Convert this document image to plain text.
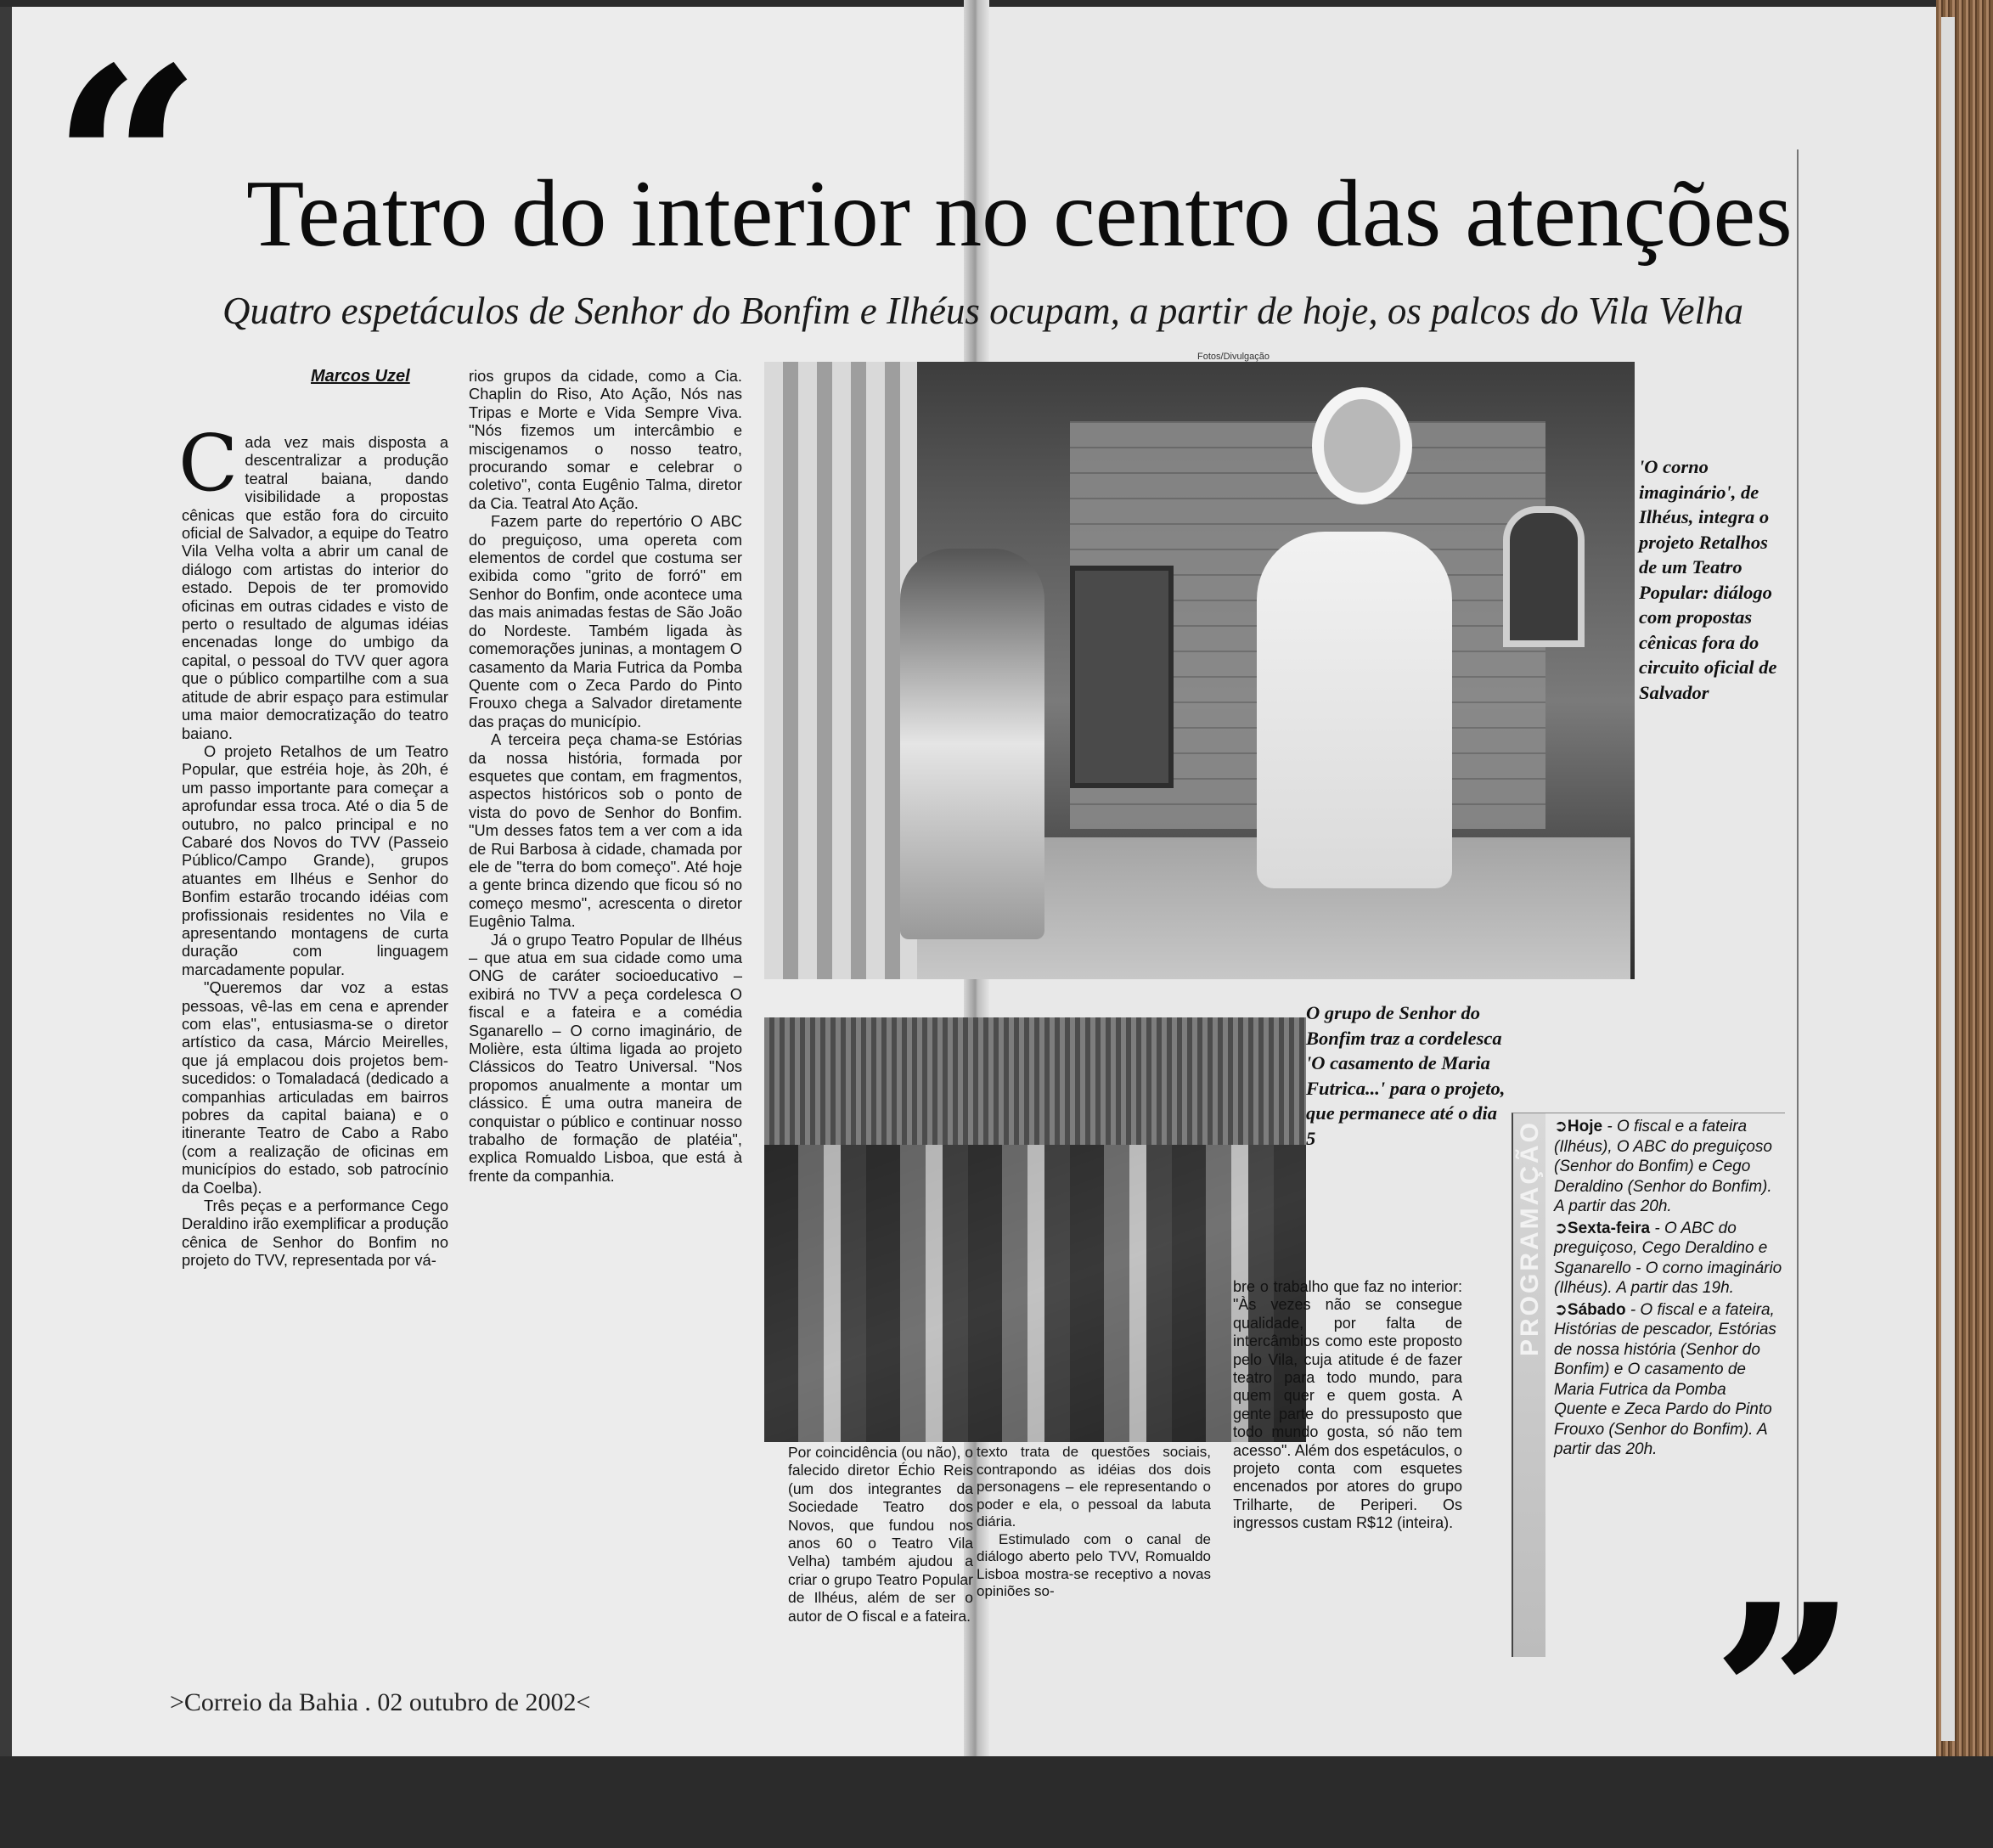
“ Teatro do interior no centro das atenções
Quatro espetáculos de Senhor do Bonfim e Ilhéus ocupam, a partir de hoje, os palcos do Vila Velha
Fotos/Divulgação
Marcos Uzel

Cada vez mais disposta a descentralizar a produção teatral baiana, dando visibilidade a propostas cênicas que estão fora do circuito oficial de Salvador, a equipe do Teatro Vila Velha volta a abrir um canal de diálogo com artistas do interior do estado. Depois de ter promovido oficinas em outras cidades e visto de perto o resultado de algumas idéias encenadas longe do umbigo da capital, o pessoal do TVV quer agora que o público compartilhe com a sua atitude de abrir espaço para estimular uma maior democratização do teatro baiano.

O projeto Retalhos de um Teatro Popular, que estréia hoje, às 20h, é um passo importante para começar a aprofundar essa troca. Até o dia 5 de outubro, no palco principal e no Cabaré dos Novos do TVV (Passeio Público/Campo Grande), grupos atuantes em Ilhéus e Senhor do Bonfim estarão trocando idéias com profissionais residentes no Vila e apresentando montagens de curta duração com linguagem marcadamente popular.

"Queremos dar voz a estas pessoas, vê-las em cena e aprender com elas", entusiasma-se o diretor artístico da casa, Márcio Meirelles, que já emplacou dois projetos bem-sucedidos: o Tomaladacá (dedicado a companhias articuladas em bairros pobres da capital baiana) e o itinerante Teatro de Cabo a Rabo (com a realização de oficinas em municípios do estado, sob patrocínio da Coelba).

Três peças e a performance Cego Deraldino irão exemplificar a produção cênica de Senhor do Bonfim no projeto do TVV, representada por vá-

rios grupos da cidade, como a Cia. Chaplin do Riso, Ato Ação, Nós nas Tripas e Morte e Vida Sempre Viva. "Nós fizemos um intercâmbio e miscigenamos o nosso teatro, procurando somar e celebrar o coletivo", conta Eugênio Talma, diretor da Cia. Teatral Ato Ação.

Fazem parte do repertório O ABC do preguiçoso, uma opereta com elementos de cordel que costuma ser exibida como "grito de forró" em Senhor do Bonfim, onde acontece uma das mais animadas festas de São João do Nordeste. Também ligada às comemorações juninas, a montagem O casamento da Maria Futrica da Pomba Quente com o Zeca Pardo do Pinto Frouxo chega a Salvador diretamente das praças do município.

A terceira peça chama-se Estórias da nossa história, formada por esquetes que contam, em fragmentos, aspectos históricos sob o ponto de vista do povo de Senhor do Bonfim. "Um desses fatos tem a ver com a ida de Rui Barbosa à cidade, chamada por ele de "terra do bom começo". Até hoje a gente brinca dizendo que ficou só no começo mesmo", acrescenta o diretor Eugênio Talma.

Já o grupo Teatro Popular de Ilhéus – que atua em sua cidade como uma ONG de caráter socioeducativo – exibirá no TVV a peça cordelesca O fiscal e a fateira e a comédia Sganarello – O corno imaginário, de Molière, esta última ligada ao projeto Clássicos do Teatro Universal. "Nos propomos anualmente a montar um clássico. É uma outra maneira de conquistar o público e continuar nosso trabalho de formação de platéia", explica Romualdo Lisboa, que está à frente da companhia.

'O corno imaginário', de Ilhéus, integra o projeto Retalhos de um Teatro Popular: diálogo com propostas cênicas fora do circuito oficial de Salvador
O grupo de Senhor do Bonfim traz a cordelesca 'O casamento de Maria Futrica...' para o projeto, que permanece até o dia 5

Por coincidência (ou não), o falecido diretor Échio Reis (um dos integrantes da Sociedade Teatro dos Novos, que fundou nos anos 60 o Teatro Vila Velha) também ajudou a criar o grupo Teatro Popular de Ilhéus, além de ser o autor de O fiscal e a fateira.

texto trata de questões sociais, contrapondo as idéias dos dois personagens – ele representando o poder e ela, o pessoal da labuta diária.

Estimulado com o canal de diálogo aberto pelo TVV, Romualdo Lisboa mostra-se receptivo a novas opiniões so-

bre o trabalho que faz no interior: "Às vezes não se consegue qualidade, por falta de intercâmbios como este proposto pelo Vila, cuja atitude é de fazer teatro para todo mundo, para quem quer e quem gosta. A gente parte do pressuposto que todo mundo gosta, só não tem acesso". Além dos espetáculos, o projeto conta com esquetes encenados por atores do grupo Trilharte, de Periperi. Os ingressos custam R$12 (inteira).

PROGRAMAÇÃO ➲Hoje - O fiscal e a fateira (Ilhéus), O ABC do preguiçoso (Senhor do Bonfim) e Cego Deraldino (Senhor do Bonfim). A partir das 20h.
➲Sexta-feira - O ABC do preguiçoso, Cego Deraldino e Sganarello - O corno imaginário (Ilhéus). A partir das 19h.
➲Sábado - O fiscal e a fateira, Histórias de pescador, Estórias de nossa história (Senhor do Bonfim) e O casamento de Maria Futrica da Pomba Quente e Zeca Pardo do Pinto Frouxo (Senhor do Bonfim). A partir das 20h.
”
>Correio da Bahia . 02 outubro de 2002<
